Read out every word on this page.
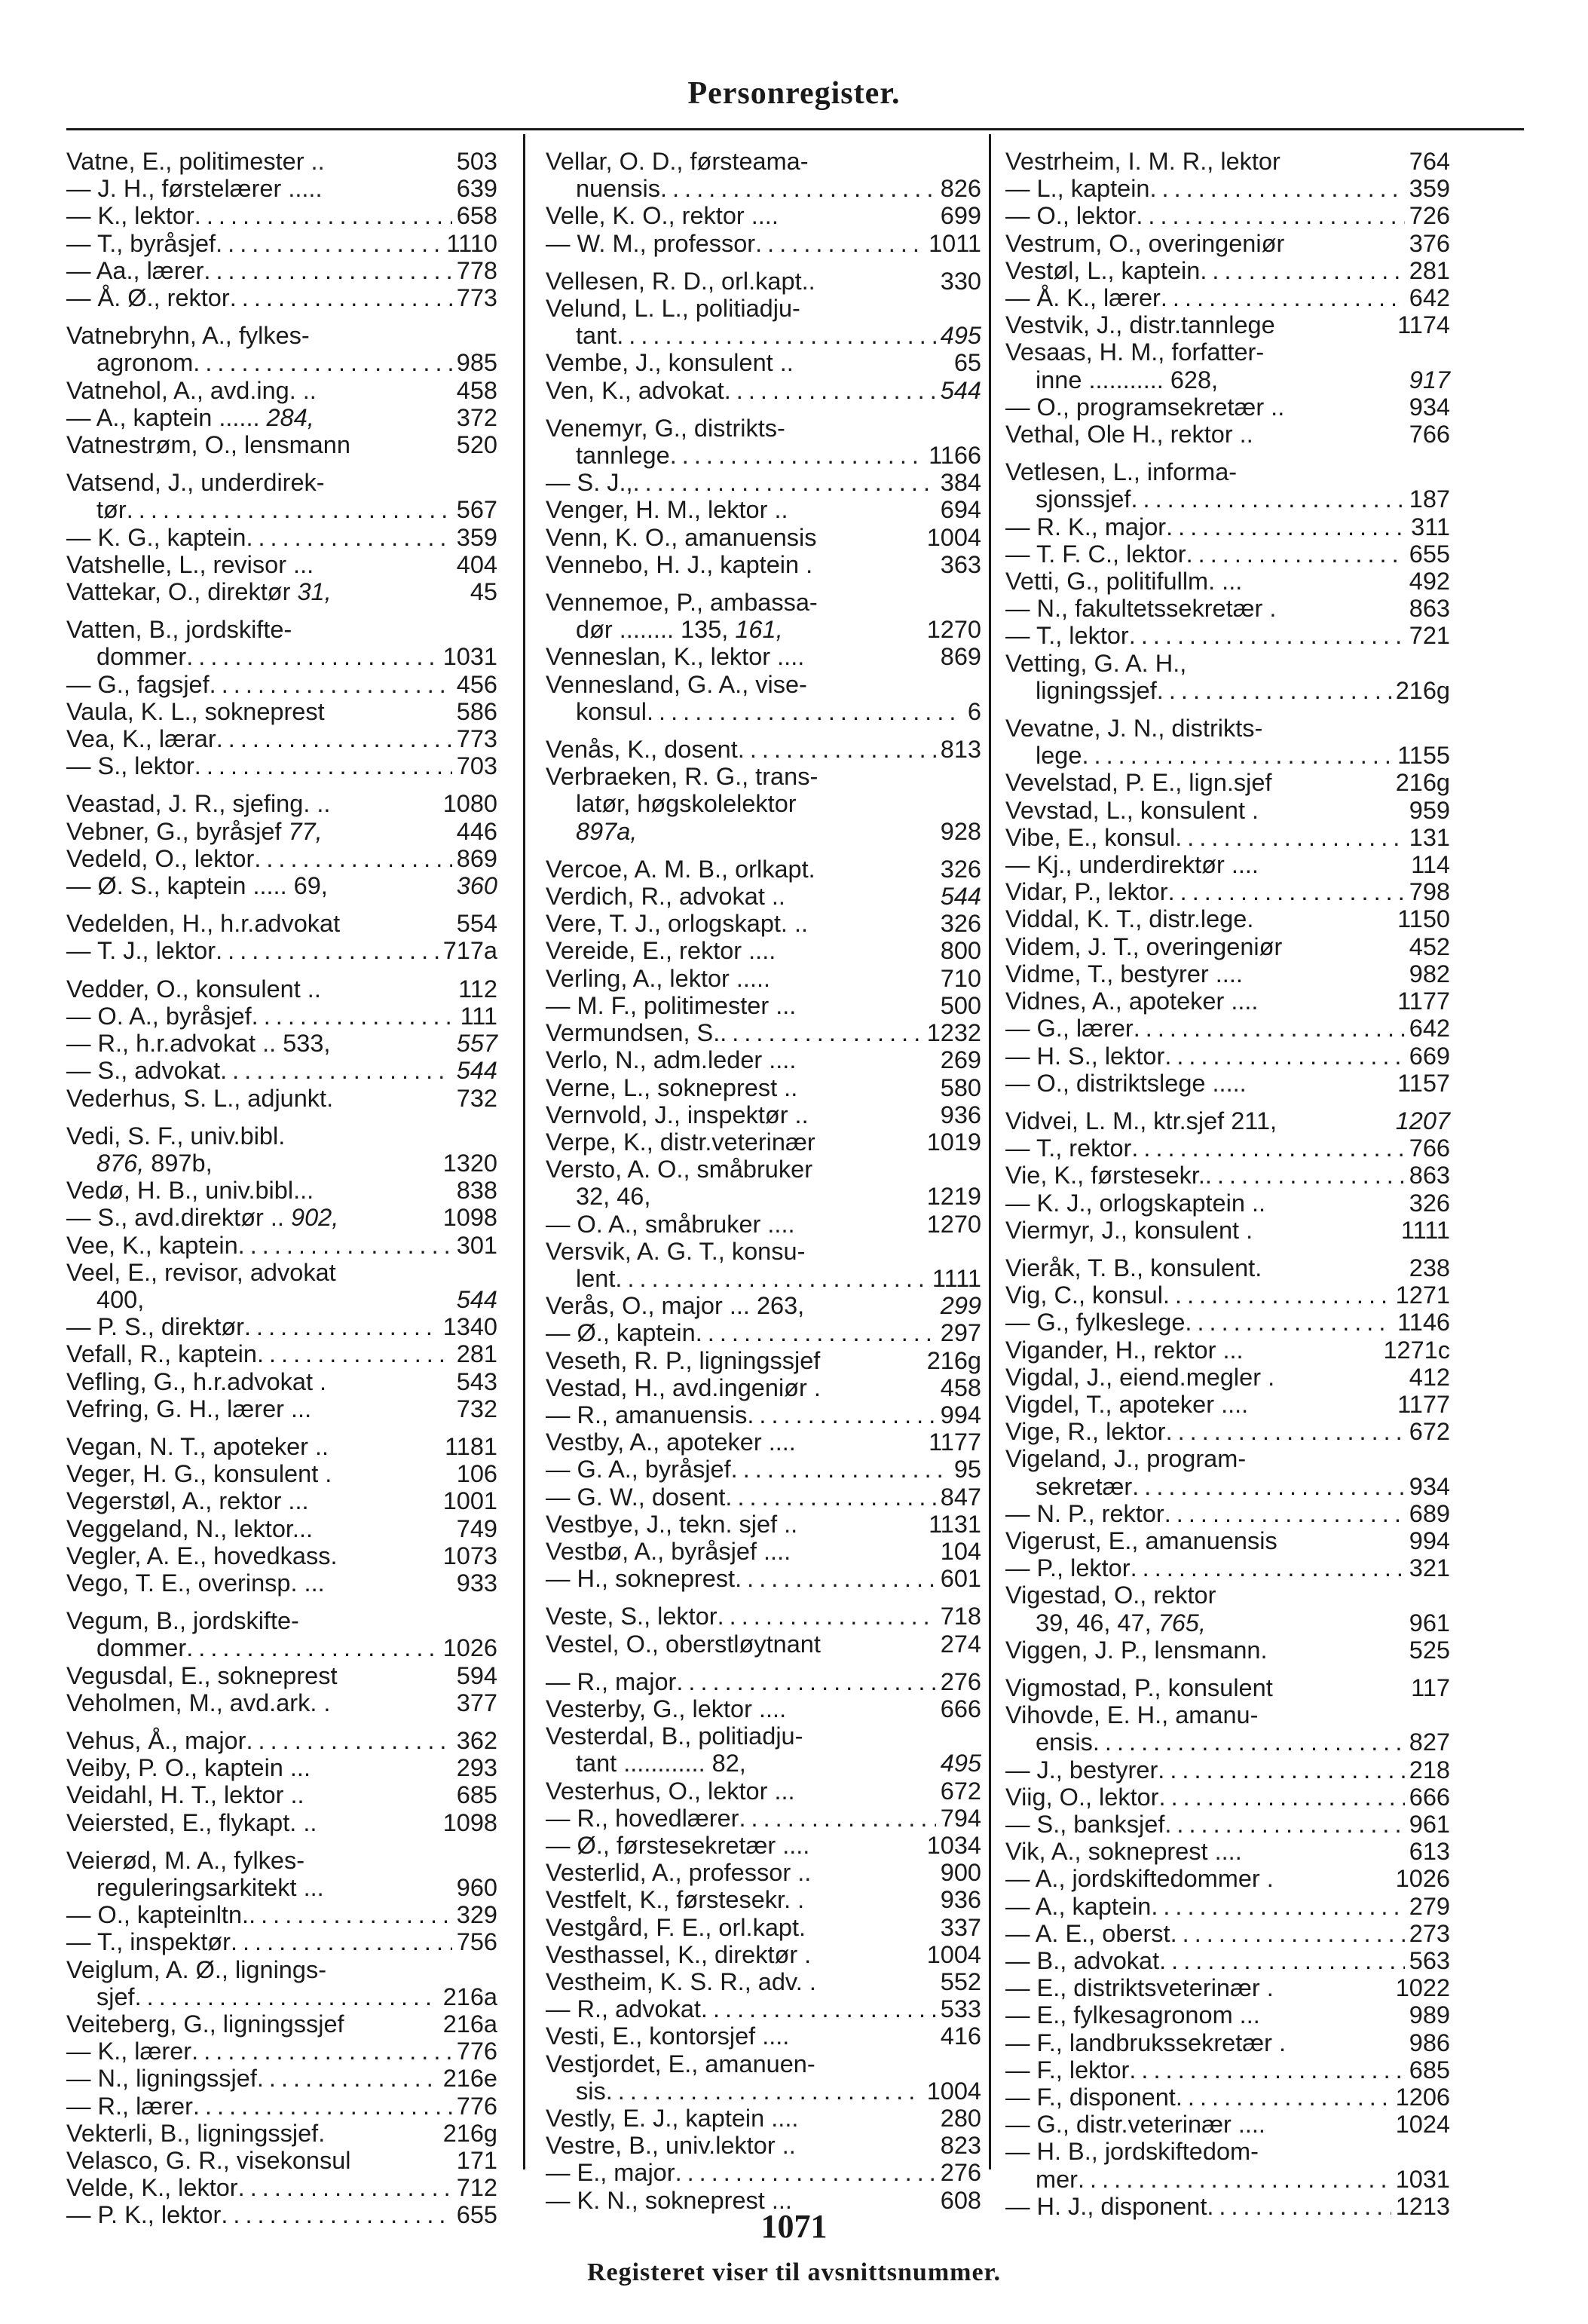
Personregister.
Vatne, E., politimester ..	503
— J. H., førstelærer .....	639
— K., lektor . . .	658
— T., byråsjef . . .	1110
— Aa., lærer . . .	778
— Å. Ø., rektor . . .	773
Vatnebryhn, A., fylkes-
agronom . . .	985
Vatnehol, A., avd.ing. ..	458
— A., kaptein ...... 284,	372
Vatnestrøm, O., lensmann	520
Vatsend, J., underdirek-
tør . . .	567
— K. G., kaptein . . .	359
Vatshelle, L., revisor ...	404
Vattekar, O., direktør 31,	45
Vatten, B., jordskifte-
dommer . . .	1031
— G., fagsjef . . .	456
Vaula, K. L., sokneprest	586
Vea, K., lærar . . .	773
— S., lektor . . .	703
Veastad, J. R., sjefing. ..	1080
Vebner, G., byråsjef 77,	446
Vedeld, O., lektor . . .	869
— Ø. S., kaptein ..... 69,	360
Vedelden, H., h.r.advokat	554
— T. J., lektor . . .	717a
Vedder, O., konsulent ..	112
— O. A., byråsjef . . .	111
— R., h.r.advokat .. 533,	557
— S., advokat . . .	544
Vederhus, S. L., adjunkt.	732
Vedi, S. F., univ.bibl.
876, 897b,	1320
Vedø, H. B., univ.bibl...	838
— S., avd.direktør .. 902,	1098
Vee, K., kaptein . . .	301
Veel, E., revisor, advokat
400,	544
— P. S., direktør . . .	1340
Vefall, R., kaptein . . .	281
Vefling, G., h.r.advokat .	543
Vefring, G. H., lærer ...	732
Vegan, N. T., apoteker ..	1181
Veger, H. G., konsulent .	106
Vegerstøl, A., rektor ...	1001
Veggeland, N., lektor...	749
Vegler, A. E., hovedkass.	1073
Vego, T. E., overinsp. ...	933
Vegum, B., jordskifte-
dommer . . .	1026
Vegusdal, E., sokneprest	594
Veholmen, M., avd.ark. .	377
Vehus, Å., major . . .	362
Veiby, P. O., kaptein ...	293
Veidahl, H. T., lektor ..	685
Veiersted, E., flykapt. ..	1098
Veierød, M. A., fylkes-
reguleringsarkitekt ...	960
— O., kapteinltn. . . .	329
— T., inspektør . . .	756
Veiglum, A. Ø., lignings-
sjef . . .	216a
Veiteberg, G., ligningssjef	216a
— K., lærer . . .	776
— N., ligningssjef . . .	216e
— R., lærer . . .	776
Vekterli, B., ligningssjef.	216g
Velasco, G. R., visekonsul	171
Velde, K., lektor . . .	712
— P. K., lektor . . .	655
Vellar, O. D., førsteama-
nuensis . . .	826
Velle, K. O., rektor ....	699
— W. M., professor . . .	1011
Vellesen, R. D., orl.kapt..	330
Velund, L. L., politiadju-
tant . . .	495
Vembe, J., konsulent ..	65
Ven, K., advokat . . .	544
Venemyr, G., distrikts-
tannlege . . .	1166
— S. J., . . .	384
Venger, H. M., lektor ..	694
Venn, K. O., amanuensis	1004
Vennebo, H. J., kaptein .	363
Vennemoe, P., ambassa-
dør ........ 135, 161,	1270
Venneslan, K., lektor ....	869
Vennesland, G. A., vise-
konsul . . .	6
Venås, K., dosent . . .	813
Verbraeken, R. G., trans-
latør, høgskolelektor
897a,	928
Vercoe, A. M. B., orlkapt.	326
Verdich, R., advokat ..	544
Vere, T. J., orlogskapt. ..	326
Vereide, E., rektor ....	800
Verling, A., lektor .....	710
— M. F., politimester ...	500
Vermundsen, S. . . .	1232
Verlo, N., adm.leder ....	269
Verne, L., sokneprest ..	580
Vernvold, J., inspektør ..	936
Verpe, K., distr.veterinær	1019
Versto, A. O., småbruker
32, 46,	1219
— O. A., småbruker ....	1270
Versvik, A. G. T., konsu-
lent . . .	1111
Verås, O., major ... 263,	299
— Ø., kaptein . . .	297
Veseth, R. P., ligningssjef	216g
Vestad, H., avd.ingeniør .	458
— R., amanuensis . . .	994
Vestby, A., apoteker ....	1177
— G. A., byråsjef . . .	95
— G. W., dosent . . .	847
Vestbye, J., tekn. sjef ..	1131
Vestbø, A., byråsjef ....	104
— H., sokneprest . . .	601
Veste, S., lektor . . .	718
Vestel, O., oberstløytnant	274
— R., major . . .	276
Vesterby, G., lektor ....	666
Vesterdal, B., politiadju-
tant ............ 82,	495
Vesterhus, O., lektor ...	672
— R., hovedlærer . . .	794
— Ø., førstesekretær ....	1034
Vesterlid, A., professor ..	900
Vestfelt, K., førstesekr. .	936
Vestgård, F. E., orl.kapt.	337
Vesthassel, K., direktør .	1004
Vestheim, K. S. R., adv. .	552
— R., advokat . . .	533
Vesti, E., kontorsjef ....	416
Vestjordet, E., amanuen-
sis . . .	1004
Vestly, E. J., kaptein ....	280
Vestre, B., univ.lektor ..	823
— E., major . . .	276
— K. N., sokneprest ...	608
Vestrheim, I. M. R., lektor	764
— L., kaptein . . .	359
— O., lektor . . .	726
Vestrum, O., overingeniør	376
Vestøl, L., kaptein . . .	281
— Å. K., lærer . . .	642
Vestvik, J., distr.tannlege	1174
Vesaas, H. M., forfatter-
inne ........... 628,	917
— O., programsekretær ..	934
Vethal, Ole H., rektor ..	766
Vetlesen, L., informa-
sjonssjef . . .	187
— R. K., major . . .	311
— T. F. C., lektor . . .	655
Vetti, G., politifullm. ...	492
— N., fakultetssekretær .	863
— T., lektor . . .	721
Vetting, G. A. H.,
ligningssjef . . .	216g
Vevatne, J. N., distrikts-
lege . . .	1155
Vevelstad, P. E., lign.sjef	216g
Vevstad, L., konsulent .	959
Vibe, E., konsul . . .	131
— Kj., underdirektør ....	114
Vidar, P., lektor . . .	798
Viddal, K. T., distr.lege.	1150
Videm, J. T., overingeniør	452
Vidme, T., bestyrer ....	982
Vidnes, A., apoteker ....	1177
— G., lærer . . .	642
— H. S., lektor . . .	669
— O., distriktslege .....	1157
Vidvei, L. M., ktr.sjef 211,	1207
— T., rektor . . .	766
Vie, K., førstesekr. . . .	863
— K. J., orlogskaptein ..	326
Viermyr, J., konsulent .	1111
Vieråk, T. B., konsulent.	238
Vig, C., konsul . . .	1271
— G., fylkeslege . . .	1146
Vigander, H., rektor ...	1271c
Vigdal, J., eiend.megler .	412
Vigdel, T., apoteker ....	1177
Vige, R., lektor . . .	672
Vigeland, J., program-
sekretær . . .	934
— N. P., rektor . . .	689
Vigerust, E., amanuensis	994
— P., lektor . . .	321
Vigestad, O., rektor
39, 46, 47, 765,	961
Viggen, J. P., lensmann.	525
Vigmostad, P., konsulent	117
Vihovde, E. H., amanu-
ensis . . .	827
— J., bestyrer . . .	218
Viig, O., lektor . . .	666
— S., banksjef . . .	961
Vik, A., sokneprest ....	613
— A., jordskiftedommer .	1026
— A., kaptein . . .	279
— A. E., oberst . . .	273
— B., advokat . . .	563
— E., distriktsveterinær .	1022
— E., fylkesagronom ...	989
— F., landbrukssekretær .	986
— F., lektor . . .	685
— F., disponent . . .	1206
— G., distr.veterinær ....	1024
— H. B., jordskiftedom-
mer . . .	1031
— H. J., disponent . . .	1213
1071
Registeret viser til avsnittsnummer.
